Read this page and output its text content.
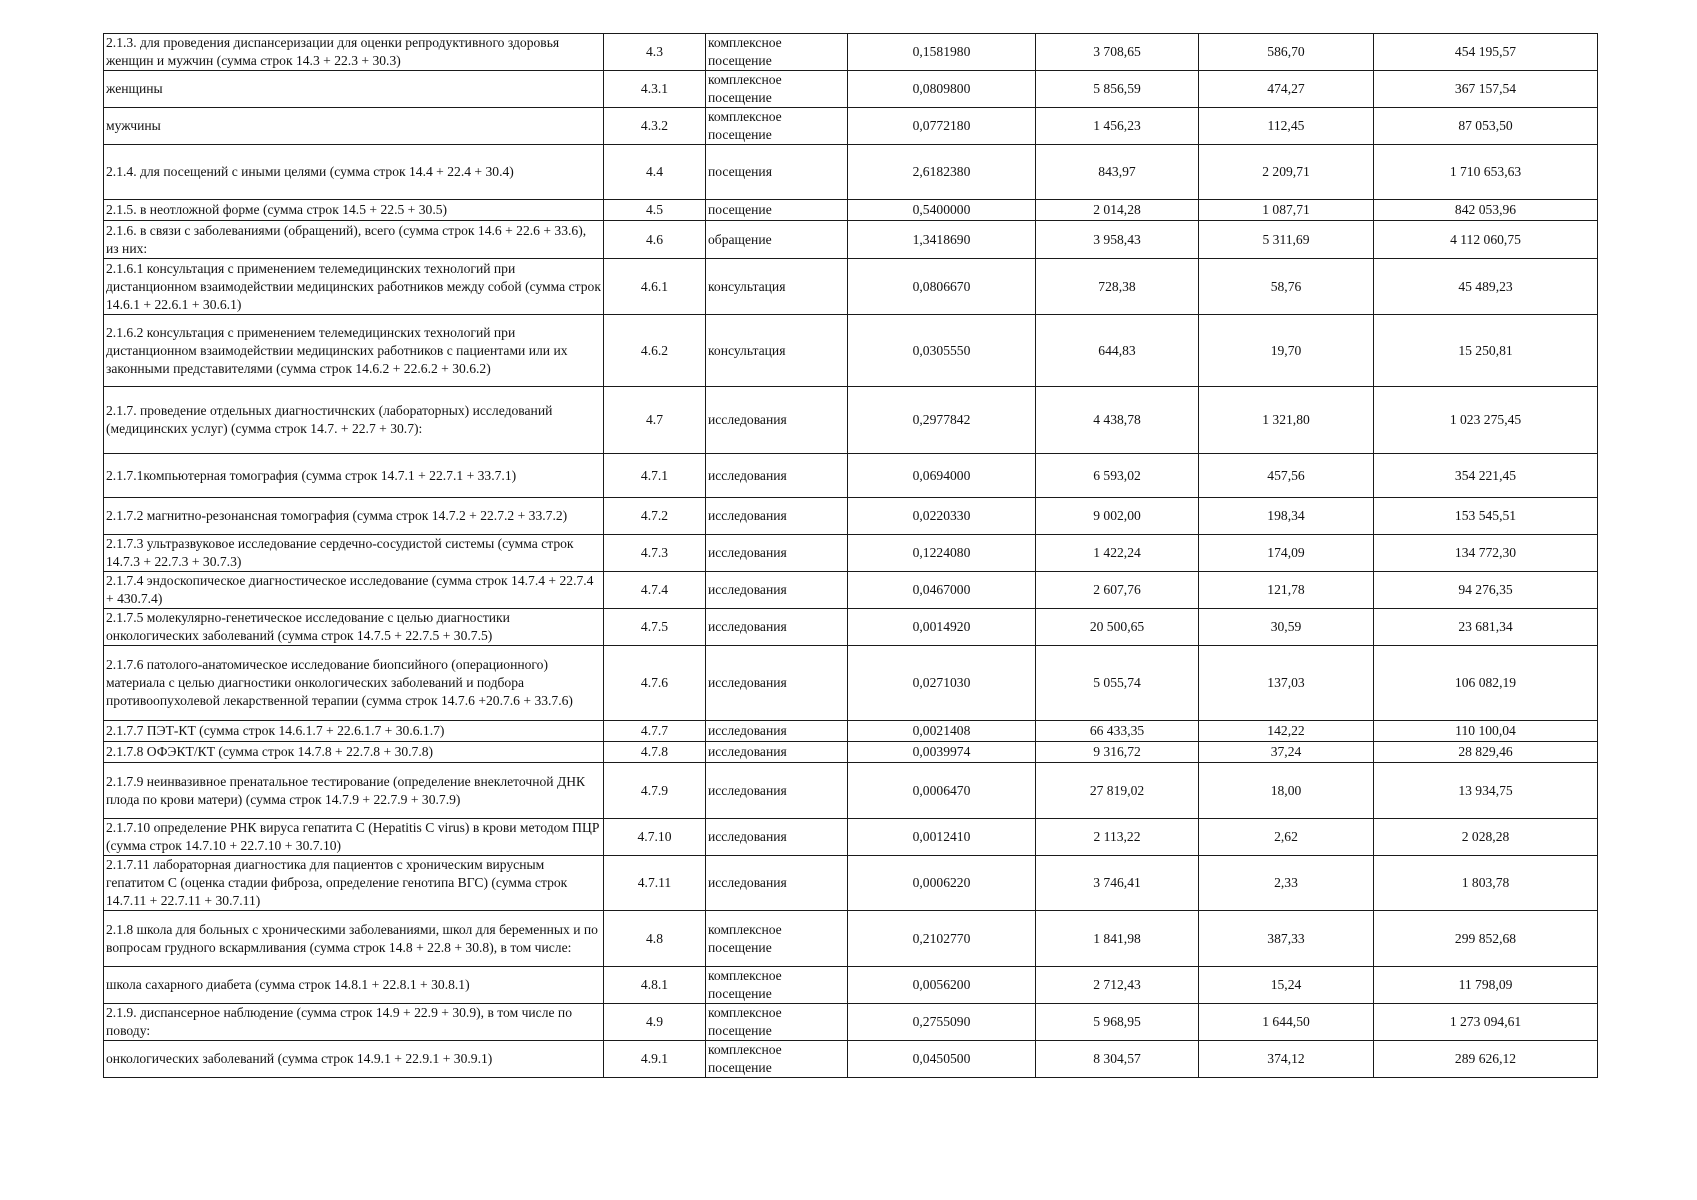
2.1.3. для проведения диспансеризации для оценки репродуктивного здоровья женщин и мужчин (сумма строк 14.3 + 22.3 + 30.3)	4.3	комплексное посещение	0,1581980	3 708,65	586,70	454 195,57
женщины	4.3.1	комплексное посещение	0,0809800	5 856,59	474,27	367 157,54
мужчины	4.3.2	комплексное посещение	0,0772180	1 456,23	112,45	87 053,50
2.1.4. для посещений с иными целями (сумма строк 14.4 + 22.4 + 30.4)	4.4	посещения	2,6182380	843,97	2 209,71	1 710 653,63
2.1.5. в неотложной форме (сумма строк 14.5 + 22.5 + 30.5)	4.5	посещение	0,5400000	2 014,28	1 087,71	842 053,96
2.1.6. в связи с заболеваниями (обращений), всего (сумма строк 14.6 + 22.6 + 33.6), из них:	4.6	обращение	1,3418690	3 958,43	5 311,69	4 112 060,75
2.1.6.1 консультация с применением телемедицинских технологий при дистанционном взаимодействии медицинских работников между собой (сумма строк 14.6.1 + 22.6.1 + 30.6.1)	4.6.1	консультация	0,0806670	728,38	58,76	45 489,23
2.1.6.2 консультация с применением телемедицинских технологий при дистанционном взаимодействии медицинских работников с пациентами или их законными представителями (сумма строк 14.6.2 + 22.6.2 + 30.6.2)	4.6.2	консультация	0,0305550	644,83	19,70	15 250,81
2.1.7. проведение отдельных диагностичнских (лабораторных) исследований (медицинских услуг) (сумма строк 14.7. + 22.7 + 30.7):	4.7	исследования	0,2977842	4 438,78	1 321,80	1 023 275,45
2.1.7.1компьютерная томография (сумма строк 14.7.1 + 22.7.1 + 33.7.1)	4.7.1	исследования	0,0694000	6 593,02	457,56	354 221,45
2.1.7.2 магнитно-резонансная томография (сумма строк 14.7.2 + 22.7.2 + 33.7.2)	4.7.2	исследования	0,0220330	9 002,00	198,34	153 545,51
2.1.7.3 ультразвуковое исследование сердечно-сосудистой системы (сумма строк 14.7.3 + 22.7.3 + 30.7.3)	4.7.3	исследования	0,1224080	1 422,24	174,09	134 772,30
2.1.7.4 эндоскопическое диагностическое исследование (сумма строк 14.7.4 + 22.7.4 + 430.7.4)	4.7.4	исследования	0,0467000	2 607,76	121,78	94 276,35
2.1.7.5 молекулярно-генетическое исследование с целью диагностики онкологических заболеваний (сумма строк 14.7.5 + 22.7.5 + 30.7.5)	4.7.5	исследования	0,0014920	20 500,65	30,59	23 681,34
2.1.7.6 патолого-анатомическое исследование биопсийного (операционного) материала с целью диагностики онкологических заболеваний и подбора противоопухолевой лекарственной терапии (сумма строк 14.7.6 +20.7.6 + 33.7.6)	4.7.6	исследования	0,0271030	5 055,74	137,03	106 082,19
2.1.7.7 ПЭТ-КТ (сумма строк 14.6.1.7 + 22.6.1.7 + 30.6.1.7)	4.7.7	исследования	0,0021408	66 433,35	142,22	110 100,04
2.1.7.8 ОФЭКТ/КТ (сумма строк 14.7.8 + 22.7.8 + 30.7.8)	4.7.8	исследования	0,0039974	9 316,72	37,24	28 829,46
2.1.7.9 неинвазивное пренатальное тестирование (определение внеклеточной ДНК плода по крови матери) (сумма строк 14.7.9 + 22.7.9 + 30.7.9)	4.7.9	исследования	0,0006470	27 819,02	18,00	13 934,75
2.1.7.10 определение РНК вируса гепатита С (Hepatitis C virus) в крови методом ПЦР (сумма строк 14.7.10 + 22.7.10 + 30.7.10)	4.7.10	исследования	0,0012410	2 113,22	2,62	2 028,28
2.1.7.11 лабораторная диагностика для пациентов с хроническим вирусным гепатитом С (оценка стадии фиброза, определение генотипа ВГС) (сумма строк 14.7.11 + 22.7.11 + 30.7.11)	4.7.11	исследования	0,0006220	3 746,41	2,33	1 803,78
2.1.8 школа для больных с хроническими заболеваниями, школ для беременных и по вопросам грудного вскармливания (сумма строк 14.8 + 22.8 + 30.8), в том числе:	4.8	комплексное посещение	0,2102770	1 841,98	387,33	299 852,68
школа сахарного диабета (сумма строк 14.8.1 + 22.8.1 + 30.8.1)	4.8.1	комплексное посещение	0,0056200	2 712,43	15,24	11 798,09
2.1.9. диспансерное наблюдение (сумма строк 14.9 + 22.9 + 30.9), в том числе по поводу:	4.9	комплексное посещение	0,2755090	5 968,95	1 644,50	1 273 094,61
онкологических заболеваний (сумма строк 14.9.1 + 22.9.1 + 30.9.1)	4.9.1	комплексное посещение	0,0450500	8 304,57	374,12	289 626,12
